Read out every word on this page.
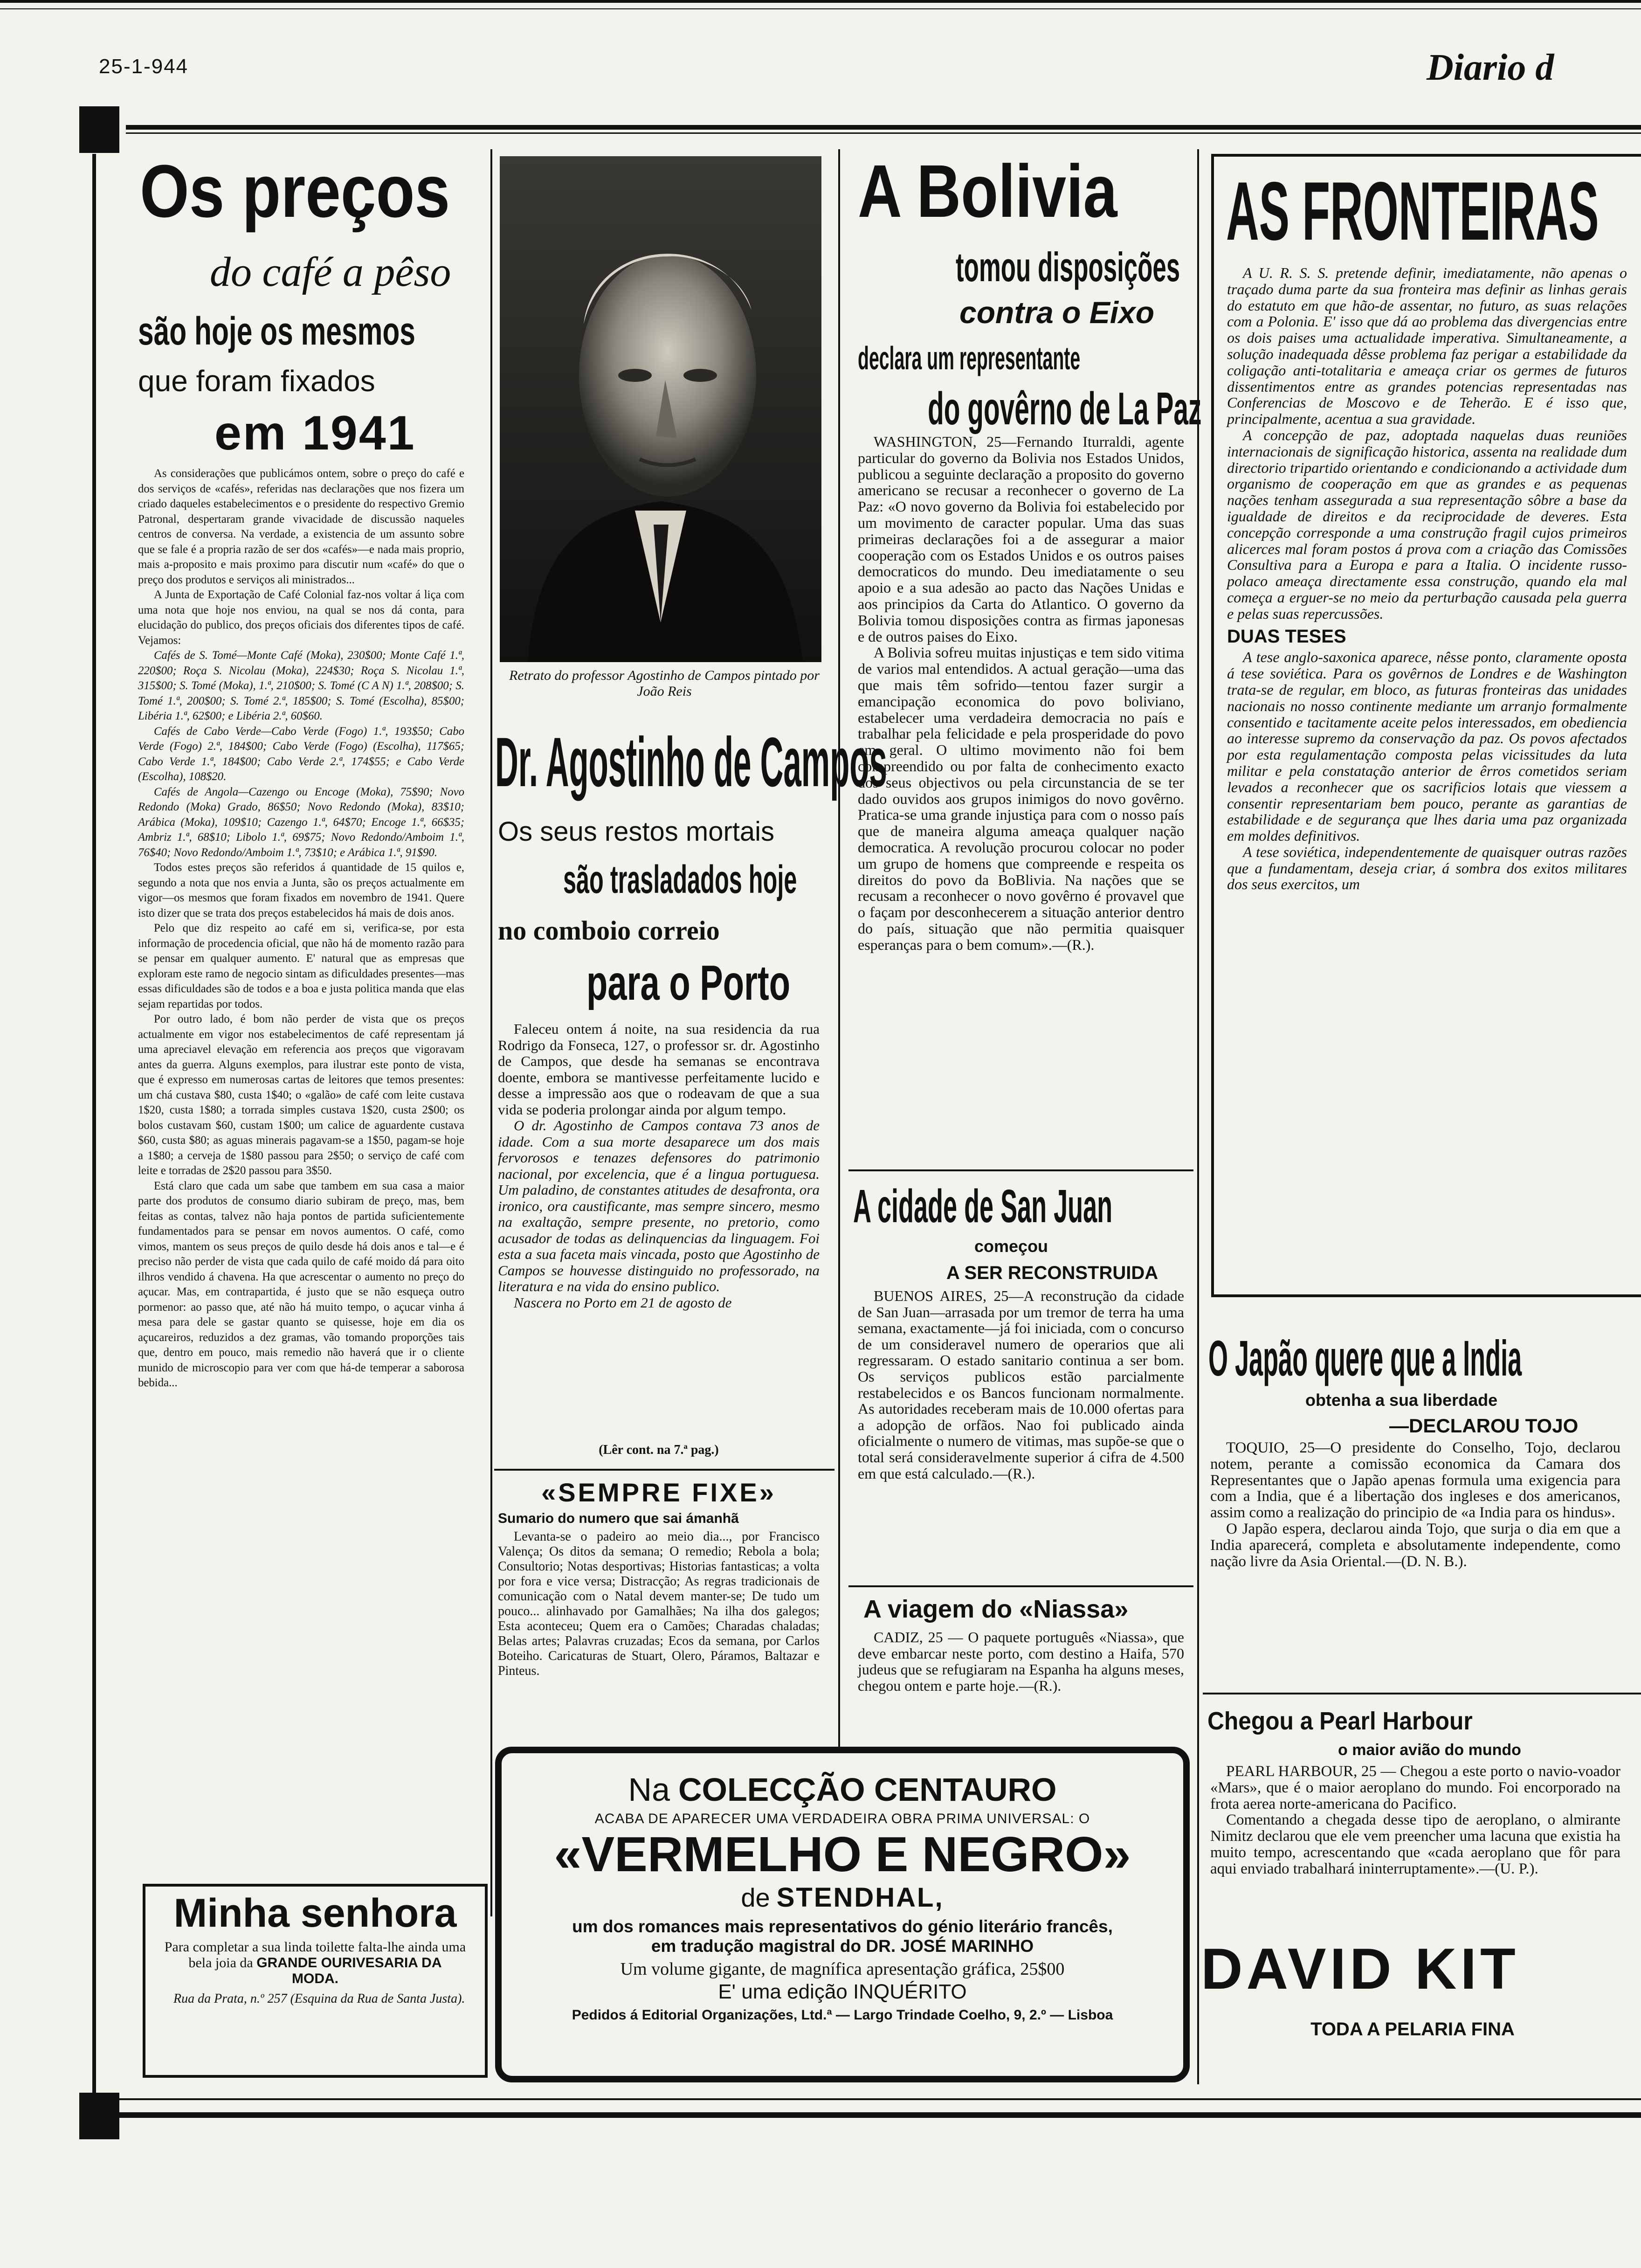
25-1-944	Diario d
Os preços
do café a pêso
são hoje os mesmos
que foram fixados
em 1941

As considerações que publicámos ontem, sobre o preço do café e dos serviços de «cafés», referidas nas declarações que nos fizera um criado daqueles estabelecimentos e o presidente do respectivo Gremio Patronal, despertaram grande vivacidade de discussão naqueles centros de conversa. Na verdade, a existencia de um assunto sobre que se fale é a propria razão de ser dos «cafés»—e nada mais proprio, mais a-proposito e mais proximo para discutir num «café» do que o preço dos produtos e serviços ali ministrados...

A Junta de Exportação de Café Colonial faz-nos voltar á liça com uma nota que hoje nos enviou, na qual se nos dá conta, para elucidação do publico, dos preços oficiais dos diferentes tipos de café. Vejamos:

Cafés de S. Tomé—Monte Café (Moka), 230$00; Monte Café 1.ª, 220$00; Roça S. Nicolau (Moka), 224$30; Roça S. Nicolau 1.ª, 315$00; S. Tomé (Moka), 1.ª, 210$00; S. Tomé (C A N) 1.ª, 208$00; S. Tomé 1.ª, 200$00; S. Tomé 2.ª, 185$00; S. Tomé (Escolha), 85$00; Libéria 1.ª, 62$00; e Libéria 2.ª, 60$60.

Cafés de Cabo Verde—Cabo Verde (Fogo) 1.ª, 193$50; Cabo Verde (Fogo) 2.ª, 184$00; Cabo Verde (Fogo) (Escolha), 117$65; Cabo Verde 1.ª, 184$00; Cabo Verde 2.ª, 174$55; e Cabo Verde (Escolha), 108$20.

Cafés de Angola—Cazengo ou Encoge (Moka), 75$90; Novo Redondo (Moka) Grado, 86$50; Novo Redondo (Moka), 83$10; Arábica (Moka), 109$10; Cazengo 1.ª, 64$70; Encoge 1.ª, 66$35; Ambriz 1.ª, 68$10; Libolo 1.ª, 69$75; Novo Redondo/Amboim 1.ª, 76$40; Novo Redondo/Amboim 1.ª, 73$10; e Arábica 1.ª, 91$90.

Todos estes preços são referidos á quantidade de 15 quilos e, segundo a nota que nos envia a Junta, são os preços actualmente em vigor—os mesmos que foram fixados em novembro de 1941. Quere isto dizer que se trata dos preços estabelecidos há mais de dois anos.

Pelo que diz respeito ao café em si, verifica-se, por esta informação de procedencia oficial, que não há de momento razão para se pensar em qualquer aumento. E' natural que as empresas que exploram este ramo de negocio sintam as dificuldades presentes—mas essas dificuldades são de todos e a boa e justa politica manda que elas sejam repartidas por todos.

Por outro lado, é bom não perder de vista que os preços actualmente em vigor nos estabelecimentos de café representam já uma apreciavel elevação em referencia aos preços que vigoravam antes da guerra. Alguns exemplos, para ilustrar este ponto de vista, que é expresso em numerosas cartas de leitores que temos presentes: um chá custava $80, custa 1$40; o «galão» de café com leite custava 1$20, custa 1$80; a torrada simples custava 1$20, custa 2$00; os bolos custavam $60, custam 1$00; um calice de aguardente custava $60, custa $80; as aguas minerais pagavam-se a 1$50, pagam-se hoje a 1$80; a cerveja de 1$80 passou para 2$50; o serviço de café com leite e torradas de 2$20 passou para 3$50.

Está claro que cada um sabe que tambem em sua casa a maior parte dos produtos de consumo diario subiram de preço, mas, bem feitas as contas, talvez não haja pontos de partida suficientemente fundamentados para se pensar em novos aumentos. O café, como vimos, mantem os seus preços de quilo desde há dois anos e tal—e é preciso não perder de vista que cada quilo de café moido dá para oito ilhros vendido á chavena. Ha que acrescentar o aumento no preço do açucar. Mas, em contrapartida, é justo que se não esqueça outro pormenor: ao passo que, até não há muito tempo, o açucar vinha á mesa para dele se gastar quanto se quisesse, hoje em dia os açucareiros, reduzidos a dez gramas, vão tomando proporções tais que, dentro em pouco, mais remedio não haverá que ir o cliente munido de microscopio para ver com que há-de temperar a saborosa bebida...

Minha senhora
Para completar a sua linda toilette falta-lhe ainda uma bela joia da GRANDE OURIVESARIA DA MODA.
Rua da Prata, n.º 257 (Esquina da Rua de Santa Justa).
Retrato do professor Agostinho de Campos pintado por João Reis
Dr. Agostinho de Campos
Os seus restos mortais
são trasladados hoje
no comboio correio
para o Porto

Faleceu ontem á noite, na sua residencia da rua Rodrigo da Fonseca, 127, o professor sr. dr. Agostinho de Campos, que desde ha semanas se encontrava doente, embora se mantivesse perfeitamente lucido e desse a impressão aos que o rodeavam de que a sua vida se poderia prolongar ainda por algum tempo.

O dr. Agostinho de Campos contava 73 anos de idade. Com a sua morte desaparece um dos mais fervorosos e tenazes defensores do patrimonio nacional, por excelencia, que é a lingua portuguesa. Um paladino, de constantes atitudes de desafronta, ora ironico, ora caustificante, mas sempre sincero, mesmo na exaltação, sempre presente, no pretorio, como acusador de todas as delinquencias da linguagem. Foi esta a sua faceta mais vincada, posto que Agostinho de Campos se houvesse distinguido no professorado, na literatura e na vida do ensino publico.

Nascera no Porto em 21 de agosto de

(Lêr cont. na 7.ª pag.)
«SEMPRE FIXE»
Sumario do numero que sai ámanhã
Levanta-se o padeiro ao meio dia..., por Francisco Valença; Os ditos da semana; O remedio; Rebola a bola; Consultorio; Notas desportivas; Historias fantasticas; a volta por fora e vice versa; Distracção; As regras tradicionais de comunicação com o Natal devem manter-se; De tudo um pouco... alinhavado por Gamalhães; Na ilha dos galegos; Esta aconteceu; Quem era o Camões; Charadas chaladas; Belas artes; Palavras cruzadas; Ecos da semana, por Carlos Boteiho. Caricaturas de Stuart, Olero, Páramos, Baltazar e Pinteus.
A Bolivia
tomou disposições
contra o Eixo
declara um representante
do govêrno de La Paz

WASHINGTON, 25—Fernando Iturraldi, agente particular do governo da Bolivia nos Estados Unidos, publicou a seguinte declaração a proposito do governo americano se recusar a reconhecer o governo de La Paz: «O novo governo da Bolivia foi estabelecido por um movimento de caracter popular. Uma das suas primeiras declarações foi a de assegurar a maior cooperação com os Estados Unidos e os outros paises democraticos do mundo. Deu imediatamente o seu apoio e a sua adesão ao pacto das Nações Unidas e aos principios da Carta do Atlantico. O governo da Bolivia tomou disposições contra as firmas japonesas e de outros paises do Eixo.

A Bolivia sofreu muitas injustiças e tem sido vitima de varios mal entendidos. A actual geração—uma das que mais têm sofrido—tentou fazer surgir a emancipação economica do povo boliviano, estabelecer uma verdadeira democracia no país e trabalhar pela felicidade e pela prosperidade do povo em geral. O ultimo movimento não foi bem compreendido ou por falta de conhecimento exacto dos seus objectivos ou pela circunstancia de se ter dado ouvidos aos grupos inimigos do novo govêrno. Pratica-se uma grande injustiça para com o nosso país que de maneira alguma ameaça qualquer nação democratica. A revolução procurou colocar no poder um grupo de homens que compreende e respeita os direitos do povo da BoBlivia. Na nações que se recusam a reconhecer o novo govêrno é provavel que o façam por desconhecerem a situação anterior dentro do país, situação que não permitia quaisquer esperanças para o bem comum».—(R.).

A cidade de San Juan
começou
A SER RECONSTRUIDA
BUENOS AIRES, 25—A reconstrução da cidade de San Juan—arrasada por um tremor de terra ha uma semana, exactamente—já foi iniciada, com o concurso de um consideravel numero de operarios que ali regressaram. O estado sanitario continua a ser bom. Os serviços publicos estão parcialmente restabelecidos e os Bancos funcionam normalmente. As autoridades receberam mais de 10.000 ofertas para a adopção de orfãos. Nao foi publicado ainda oficialmente o numero de vitimas, mas supõe-se que o total será consideravelmente superior á cifra de 4.500 em que está calculado.—(R.).
A viagem do «Niassa»
CADIZ, 25 — O paquete português «Niassa», que deve embarcar neste porto, com destino a Haifa, 570 judeus que se refugiaram na Espanha ha alguns meses, chegou ontem e parte hoje.—(R.).
AS FRONTEIRAS

A U. R. S. S. pretende definir, imediatamente, não apenas o traçado duma parte da sua fronteira mas definir as linhas gerais do estatuto em que hão-de assentar, no futuro, as suas relações com a Polonia. E' isso que dá ao problema das divergencias entre os dois paises uma actualidade imperativa. Simultaneamente, a solução inadequada dêsse problema faz perigar a estabilidade da coligação anti-totalitaria e ameaça criar os germes de futuros dissentimentos entre as grandes potencias representadas nas Conferencias de Moscovo e de Teherão. E é isso que, principalmente, acentua a sua gravidade.

A concepção de paz, adoptada naquelas duas reuniões internacionais de significação historica, assenta na realidade dum directorio tripartido orientando e condicionando a actividade dum organismo de cooperação em que as grandes e as pequenas nações tenham assegurada a sua representação sôbre a base da igualdade de direitos e da reciprocidade de deveres. Esta concepção corresponde a uma construção fragil cujos primeiros alicerces mal foram postos á prova com a criação das Comissões Consultiva para a Europa e para a Italia. O incidente russo-polaco ameaça directamente essa construção, quando ela mal começa a erguer-se no meio da perturbação causada pela guerra e pelas suas repercussões.

DUAS TESES

A tese anglo-saxonica aparece, nêsse ponto, claramente oposta á tese soviética. Para os govêrnos de Londres e de Washington trata-se de regular, em bloco, as futuras fronteiras das unidades nacionais no nosso continente mediante um arranjo formalmente consentido e tacitamente aceite pelos interessados, em obediencia ao interesse supremo da conservação da paz. Os povos afectados por esta regulamentação composta pelas vicissitudes da luta militar e pela constatação anterior de êrros cometidos seriam levados a reconhecer que os sacrificios lotais que viessem a consentir representariam bem pouco, perante as garantias de estabilidade e de segurança que lhes daria uma paz organizada em moldes definitivos.

A tese soviética, independentemente de quaisquer outras razões que a fundamentam, deseja criar, á sombra dos exitos militares dos seus exercitos, um

O Japão quere que a India
obtenha a sua liberdade
—DECLAROU TOJO

TOQUIO, 25—O presidente do Conselho, Tojo, declarou notem, perante a comissão economica da Camara dos Representantes que o Japão apenas formula uma exigencia para com a India, que é a libertação dos ingleses e dos americanos, assim como a realização do principio de «a India para os hindus».

O Japão espera, declarou ainda Tojo, que surja o dia em que a India aparecerá, completa e absolutamente independente, como nação livre da Asia Oriental.—(D. N. B.).

Chegou a Pearl Harbour
o maior avião do mundo

PEARL HARBOUR, 25 — Chegou a este porto o navio-voador «Mars», que é o maior aeroplano do mundo. Foi encorporado na frota aerea norte-americana do Pacifico.

Comentando a chegada desse tipo de aeroplano, o almirante Nimitz declarou que ele vem preencher uma lacuna que existia ha muito tempo, acrescentando que «cada aeroplano que fôr para aqui enviado trabalhará ininterruptamente».—(U. P.).

DAVID KIT
TODA A PELARIA FINA
Na COLECÇÃO CENTAURO
ACABA DE APARECER UMA VERDADEIRA OBRA PRIMA UNIVERSAL: O
«VERMELHO E NEGRO»
de STENDHAL,
um dos romances mais representativos do génio literário francês,
em tradução magistral do DR. JOSÉ MARINHO
Um volume gigante, de magnífica apresentação gráfica, 25$00
E' uma edição INQUÉRITO
Pedidos á Editorial Organizações, Ltd.ª — Largo Trindade Coelho, 9, 2.º — Lisboa
